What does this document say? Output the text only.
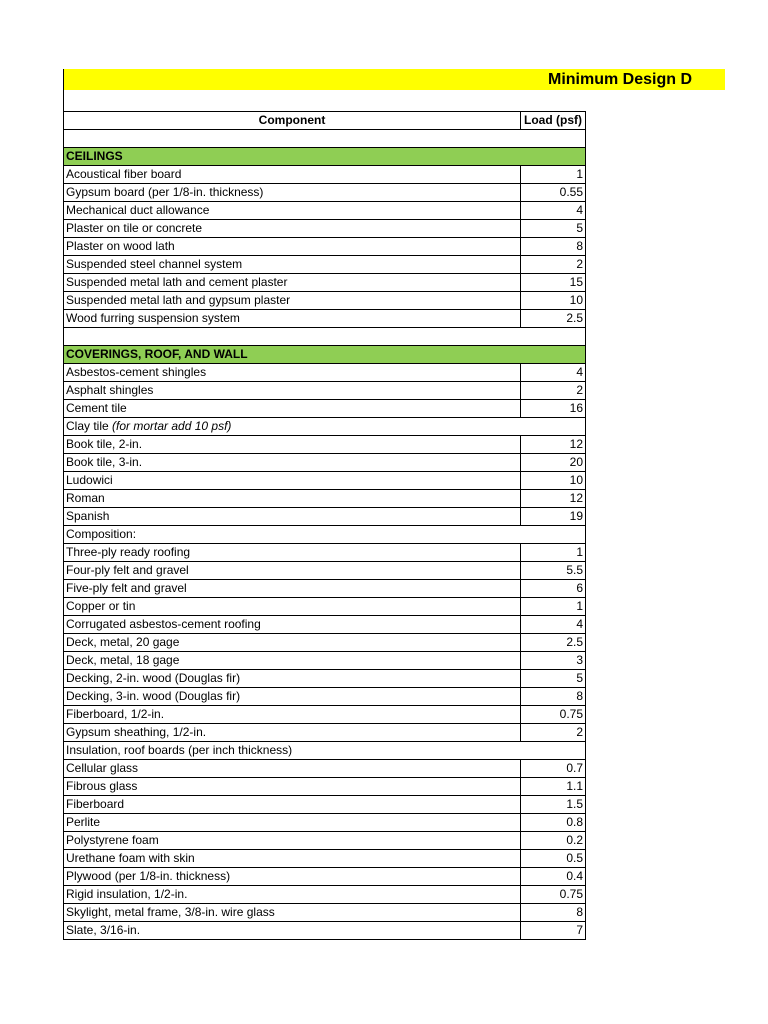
Minimum Design D
Component	Load (psf)

CEILINGS	
Acoustical fiber board	1
Gypsum board (per 1/8-in. thickness)	0.55
Mechanical duct allowance	4
Plaster on tile or concrete	5
Plaster on wood lath	8
Suspended steel channel system	2
Suspended metal lath and cement plaster	15
Suspended metal lath and gypsum plaster	10
Wood furring suspension system	2.5

COVERINGS, ROOF, AND WALL	
Asbestos-cement shingles	4
Asphalt shingles	2
Cement tile	16
Clay tile (for mortar add 10 psf)	
Book tile, 2-in.	12
Book tile, 3-in.	20
Ludowici	10
Roman	12
Spanish	19
Composition:	
Three-ply ready roofing	1
Four-ply felt and gravel	5.5
Five-ply felt and gravel	6
Copper or tin	1
Corrugated asbestos-cement roofing	4
Deck, metal, 20 gage	2.5
Deck, metal, 18 gage	3
Decking, 2-in. wood (Douglas fir)	5
Decking, 3-in. wood (Douglas fir)	8
Fiberboard, 1/2-in.	0.75
Gypsum sheathing, 1/2-in.	2
Insulation, roof boards (per inch thickness)	
Cellular glass	0.7
Fibrous glass	1.1
Fiberboard	1.5
Perlite	0.8
Polystyrene foam	0.2
Urethane foam with skin	0.5
Plywood (per 1/8-in. thickness)	0.4
Rigid insulation, 1/2-in.	0.75
Skylight, metal frame, 3/8-in. wire glass	8
Slate, 3/16-in.	7
